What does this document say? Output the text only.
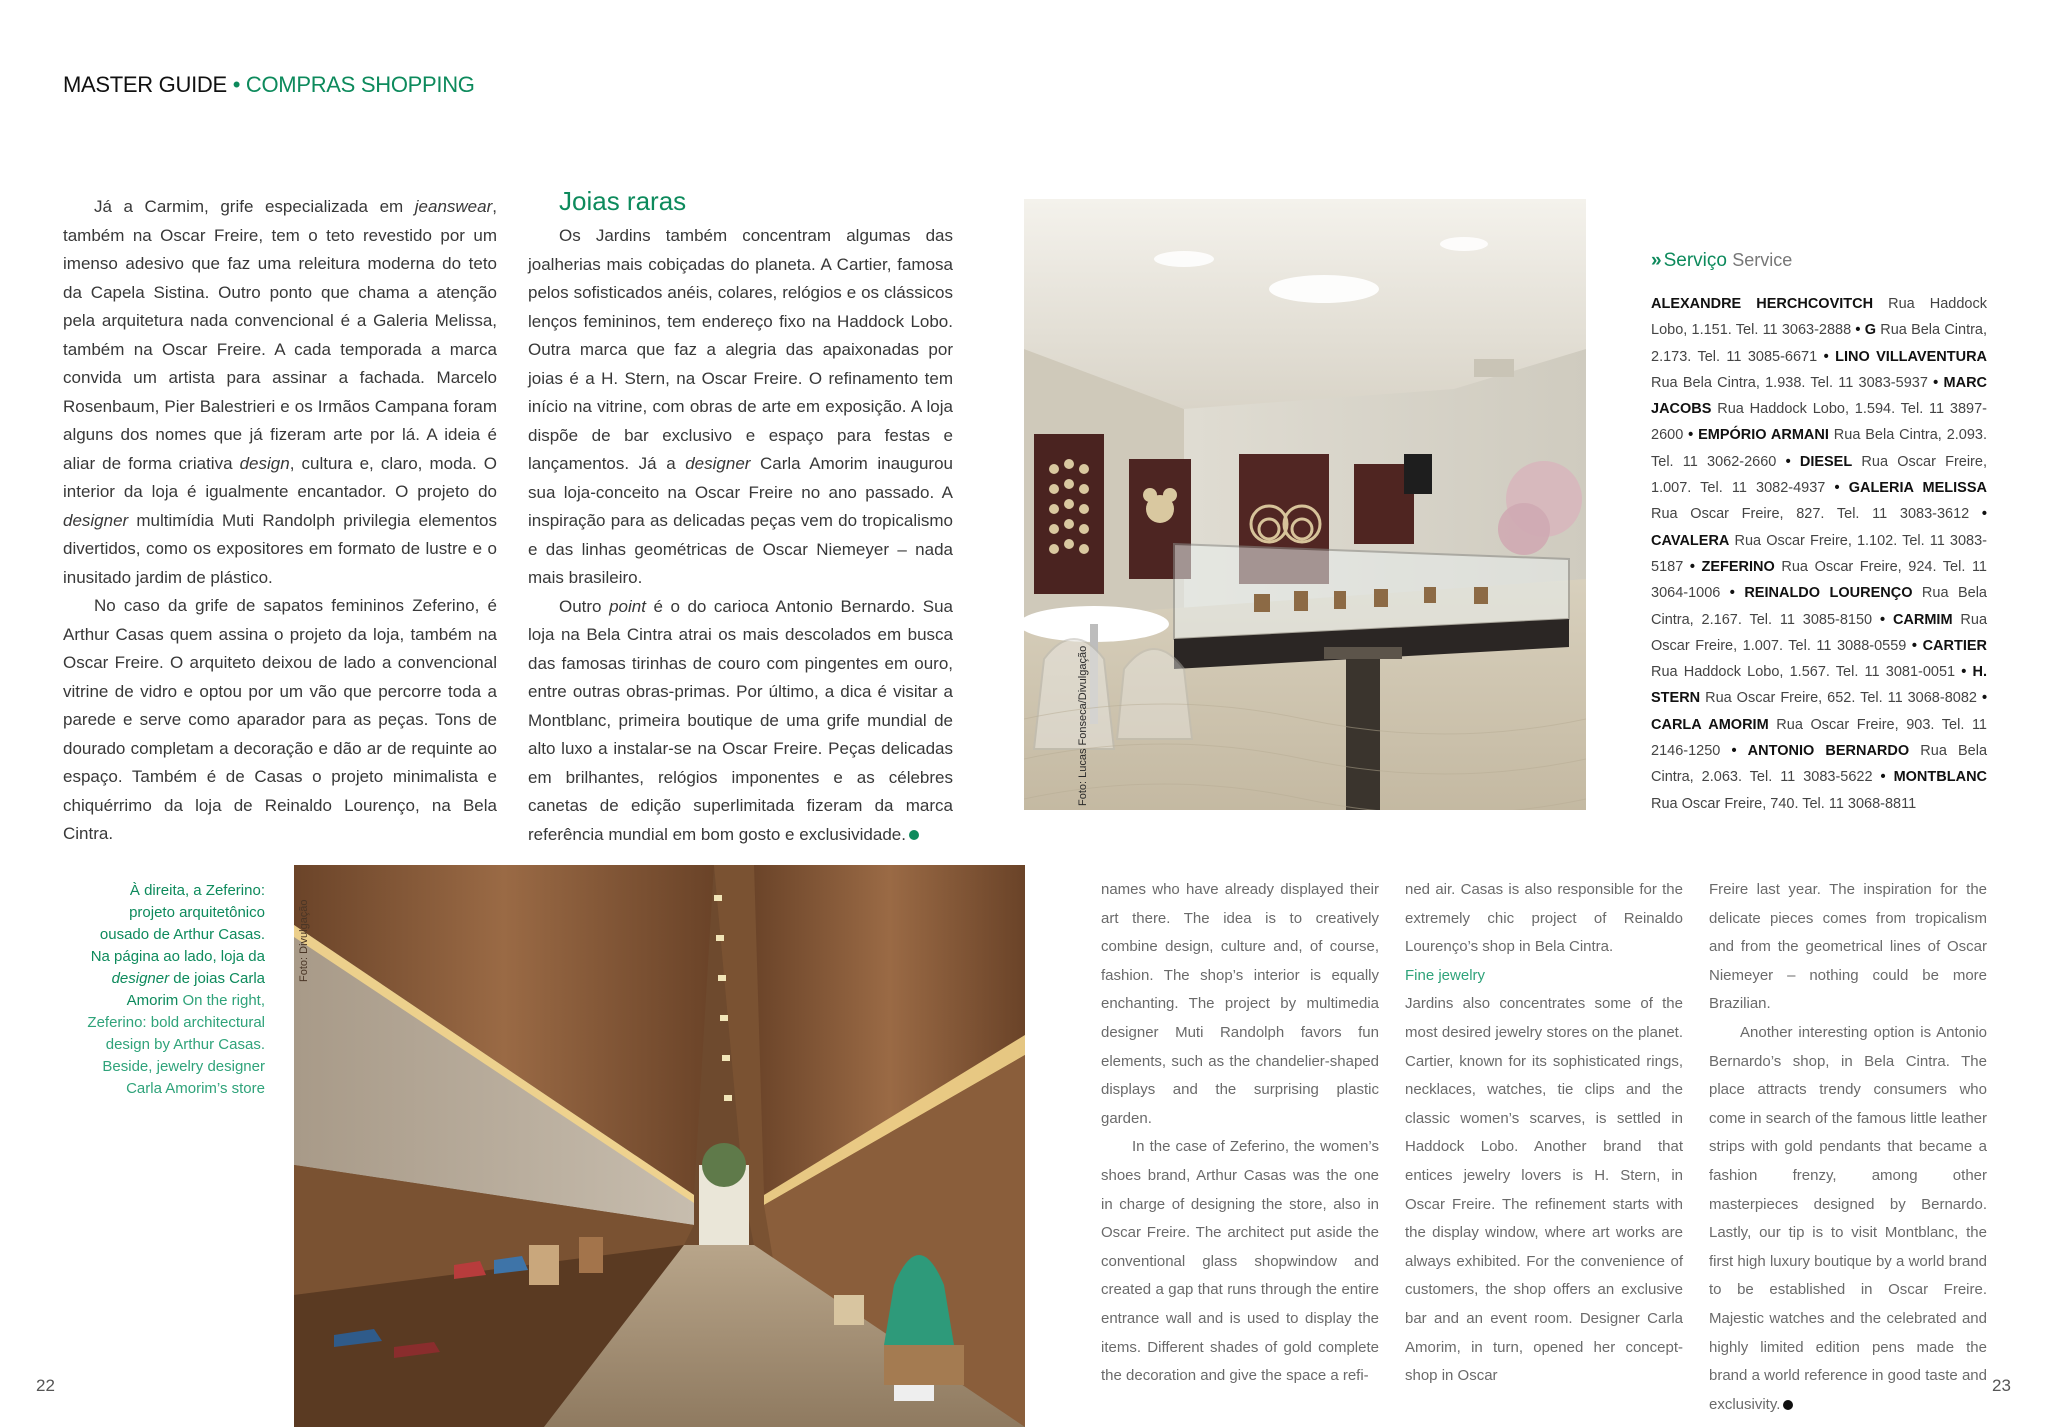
MASTER GUIDE • COMPRAS SHOPPING

Já a Carmim, grife especializada em jeanswear, também na Oscar Freire, tem o teto revestido por um imenso adesivo que faz uma releitura moderna do teto da Capela Sistina. Outro ponto que chama a atenção pela arquitetura nada convencional é a Galeria Melissa, também na Oscar Freire. A cada temporada a marca convida um artista para assinar a fachada. Marcelo Rosenbaum, Pier Balestrieri e os Irmãos Campana foram alguns dos nomes que já fizeram arte por lá. A ideia é aliar de forma criativa design, cultura e, claro, moda. O interior da loja é igualmente encantador. O projeto do designer multimídia Muti Randolph privilegia elementos divertidos, como os expositores em formato de lustre e o inusitado jardim de plástico.

No caso da grife de sapatos femininos Zeferino, é Arthur Casas quem assina o projeto da loja, também na Oscar Freire. O arquiteto deixou de lado a convencional vitrine de vidro e optou por um vão que percorre toda a parede e serve como aparador para as peças. Tons de dourado completam a decoração e dão ar de requinte ao espaço. Também é de Casas o projeto minimalista e chiquérrimo da loja de Reinaldo Lourenço, na Bela Cintra.

Joias raras

Os Jardins também concentram algumas das joalherias mais cobiçadas do planeta. A Cartier, famosa pelos sofisticados anéis, colares, relógios e os clássicos lenços femininos, tem endereço fixo na Haddock Lobo. Outra marca que faz a alegria das apaixonadas por joias é a H. Stern, na Oscar Freire. O refinamento tem início na vitrine, com obras de arte em exposição. A loja dispõe de bar exclusivo e espaço para festas e lançamentos. Já a designer Carla Amorim inaugurou sua loja-conceito na Oscar Freire no ano passado. A inspiração para as delicadas peças vem do tropicalismo e das linhas geométricas de Oscar Niemeyer – nada mais brasileiro.

Outro point é o do carioca Antonio Bernardo. Sua loja na Bela Cintra atrai os mais descolados em busca das famosas tirinhas de couro com pingentes em ouro, entre outras obras-primas. Por último, a dica é visitar a Montblanc, primeira boutique de uma grife mundial de alto luxo a instalar-se na Oscar Freire. Peças delicadas em brilhantes, relógios imponentes e as célebres canetas de edição superlimitada fizeram da marca referência mundial em bom gosto e exclusividade.

Foto: Lucas Fonseca/Divulgação
» Serviço Service
ALEXANDRE HERCHCOVITCH Rua Haddock Lobo, 1.151. Tel. 11 3063-2888 • G Rua Bela Cintra, 2.173. Tel. 11 3085-6671 • LINO VILLAVENTURA Rua Bela Cintra, 1.938. Tel. 11 3083-5937 • MARC JACOBS Rua Haddock Lobo, 1.594. Tel. 11 3897-2600 • EMPÓRIO ARMANI Rua Bela Cintra, 2.093. Tel. 11 3062-2660 • DIESEL Rua Oscar Freire, 1.007. Tel. 11 3082-4937 • GALERIA MELISSA Rua Oscar Freire, 827. Tel. 11 3083-3612 • CAVALERA Rua Oscar Freire, 1.102. Tel. 11 3083-5187 • ZEFERINO Rua Oscar Freire, 924. Tel. 11 3064-1006 • REINALDO LOURENÇO Rua Bela Cintra, 2.167. Tel. 11 3085-8150 • CARMIM Rua Oscar Freire, 1.007. Tel. 11 3088-0559 • CARTIER Rua Haddock Lobo, 1.567. Tel. 11 3081-0051 • H. STERN Rua Oscar Freire, 652. Tel. 11 3068-8082 • CARLA AMORIM Rua Oscar Freire, 903. Tel. 11 2146-1250 • ANTONIO BERNARDO Rua Bela Cintra, 2.063. Tel. 11 3083-5622 • MONTBLANC Rua Oscar Freire, 740. Tel. 11 3068-8811
À direita, a Zeferino: projeto arquitetônico ousado de Arthur Casas. Na página ao lado, loja da designer de joias Carla Amorim On the right, Zeferino: bold architectural design by Arthur Casas. Beside, jewelry designer Carla Amorim’s store
Foto: Divulgação

names who have already displayed their art there. The idea is to creatively combine design, culture and, of course, fashion. The shop’s interior is equally enchanting. The project by multimedia designer Muti Randolph favors fun elements, such as the chandelier-shaped displays and the surprising plastic garden.

In the case of Zeferino, the women’s shoes brand, Arthur Casas was the one in charge of designing the store, also in Oscar Freire. The architect put aside the conventional glass shopwindow and created a gap that runs through the entire entrance wall and is used to display the items. Different shades of gold complete the decoration and give the space a refi-

ned air. Casas is also responsible for the extremely chic project of Reinaldo Lourenço’s shop in Bela Cintra.

Fine jewelry

Jardins also concentrates some of the most desired jewelry stores on the planet. Cartier, known for its sophisticated rings, necklaces, watches, tie clips and the classic women’s scarves, is settled in Haddock Lobo. Another brand that entices jewelry lovers is H. Stern, in Oscar Freire. The refinement starts with the display window, where art works are always exhibited. For the convenience of customers, the shop offers an exclusive bar and an event room. Designer Carla Amorim, in turn, opened her concept-shop in Oscar

Freire last year. The inspiration for the delicate pieces comes from tropicalism and from the geometrical lines of Oscar Niemeyer – nothing could be more Brazilian.

Another interesting option is Antonio Bernardo’s shop, in Bela Cintra. The place attracts trendy consumers who come in search of the famous little leather strips with gold pendants that became a fashion frenzy, among other masterpieces designed by Bernardo. Lastly, our tip is to visit Montblanc, the first high luxury boutique by a world brand to be established in Oscar Freire. Majestic watches and the celebrated and highly limited edition pens made the brand a world reference in good taste and exclusivity.

22	23
